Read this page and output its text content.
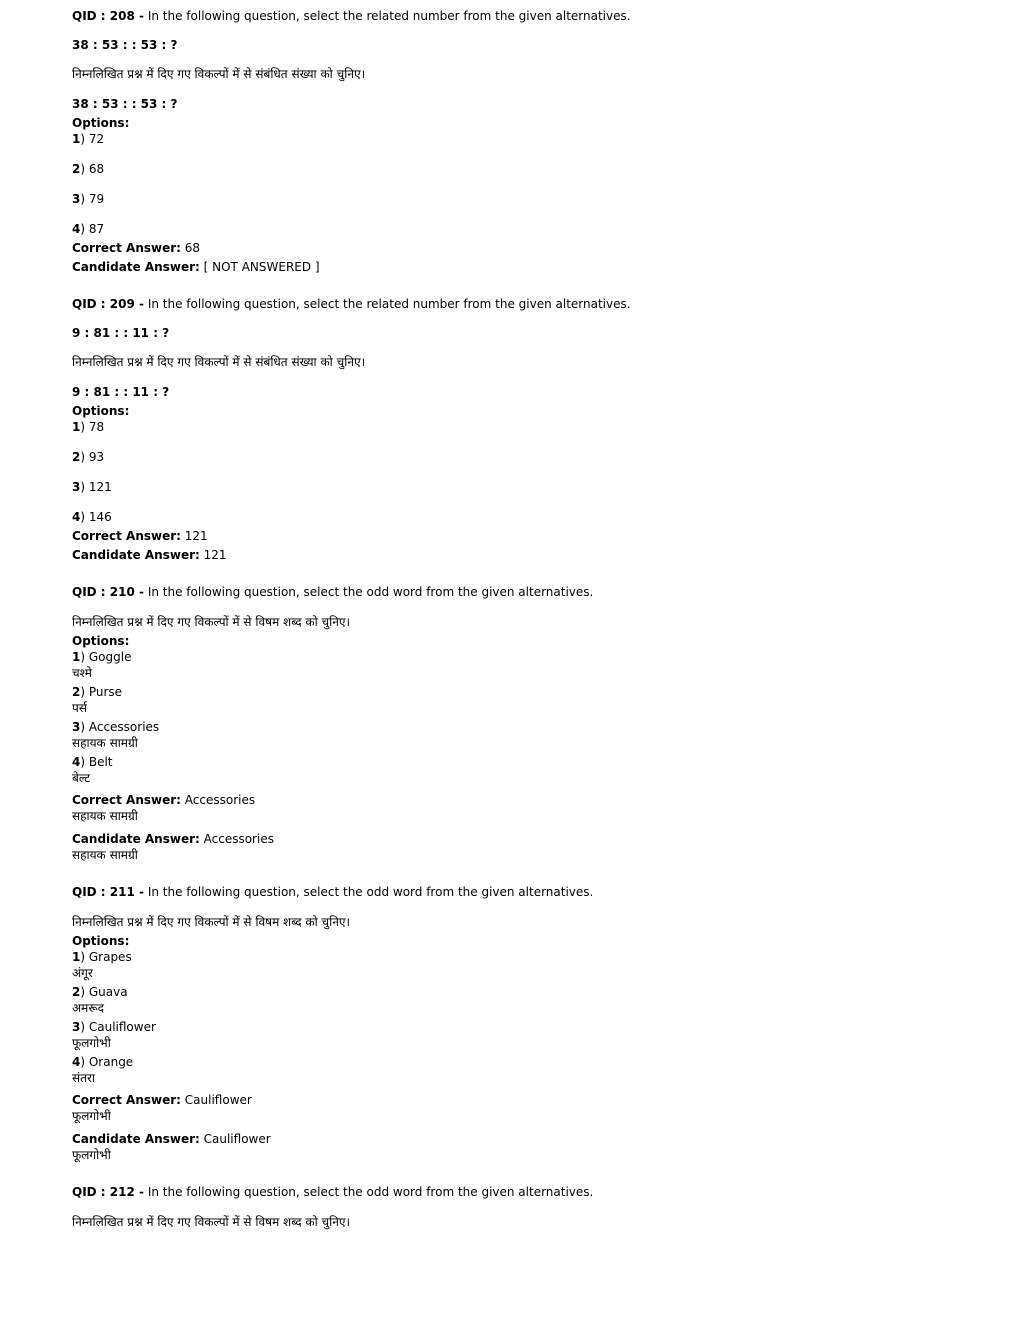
QID : 208 - In the following question, select the related number from the given alternatives.
38 : 53 : : 53 : ?
निम्नलिखित प्रश्न में दिए गए विकल्पों में से संबंधित संख्या को चुनिए।
38 : 53 : : 53 : ?
Options:
1) 72
2) 68
3) 79
4) 87
Correct Answer: 68
Candidate Answer: [ NOT ANSWERED ]
QID : 209 - In the following question, select the related number from the given alternatives.
9 : 81 : : 11 : ?
निम्नलिखित प्रश्न में दिए गए विकल्पों में से संबंधित संख्या को चुनिए।
9 : 81 : : 11 : ?
Options:
1) 78
2) 93
3) 121
4) 146
Correct Answer: 121
Candidate Answer: 121
QID : 210 - In the following question, select the odd word from the given alternatives.
निम्नलिखित प्रश्न में दिए गए विकल्पों में से विषम शब्द को चुनिए।
Options:
1) Goggle
चश्मे
2) Purse
पर्स
3) Accessories
सहायक सामग्री
4) Belt
बेल्ट
Correct Answer: Accessories
सहायक सामग्री
Candidate Answer: Accessories
सहायक सामग्री
QID : 211 - In the following question, select the odd word from the given alternatives.
निम्नलिखित प्रश्न में दिए गए विकल्पों में से विषम शब्द को चुनिए।
Options:
1) Grapes
अंगूर
2) Guava
अमरूद
3) Cauliflower
फूलगोभी
4) Orange
संतरा
Correct Answer: Cauliflower
फूलगोभी
Candidate Answer: Cauliflower
फूलगोभी
QID : 212 - In the following question, select the odd word from the given alternatives.
निम्नलिखित प्रश्न में दिए गए विकल्पों में से विषम शब्द को चुनिए।
